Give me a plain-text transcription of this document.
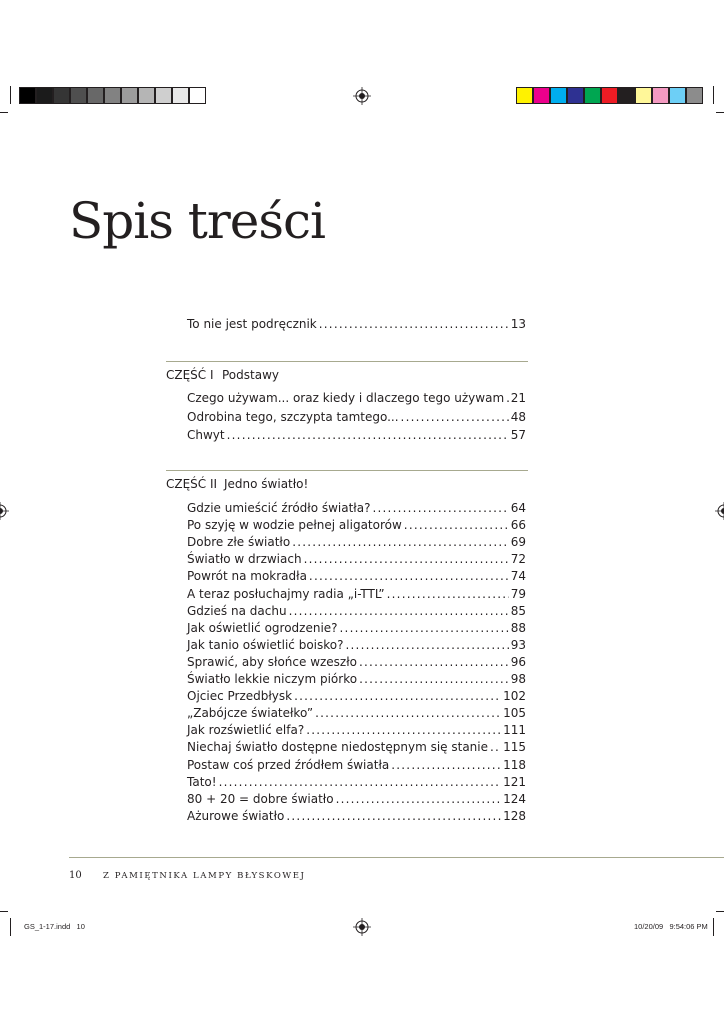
Spis treści
To nie jest podręcznik . . .	13
CZĘŚĆ I Podstawy
Czego używam... oraz kiedy i dlaczego tego używam . . . 21
Odrobina tego, szczypta tamtego... . . .	48
Chwyt . . .	57
CZĘŚĆ II Jedno światło!
Gdzie umieścić źródło światła? . . .	64
Po szyję w wodzie pełnej aligatorów . . .	66
Dobre złe światło . . .	69
Światło w drzwiach . . .	72
Powrót na mokradła . . .	74
A teraz posłuchajmy radia „i-TTL” . . .	79
Gdzieś na dachu . . .	85
Jak oświetlić ogrodzenie? . . .	88
Jak tanio oświetlić boisko? . . .	93
Sprawić, aby słońce wzeszło . . .	96
Światło lekkie niczym piórko . . .	98
Ojciec Przedbłysk . . .	102
„Zabójcze światełko” . . .	105
Jak rozświetlić elfa? . . .	111
Niechaj światło dostępne niedostępnym się stanie . . . 115
Postaw coś przed źródłem światła . . .	118
Tato! . . .	121
80 + 20 = dobre światło . . .	124
Ażurowe światło . . .	128
10	Z PAMIĘTNIKA LAMPY BŁYSKOWEJ
GS_1-17.indd   10	10/20/09   9:54:06 PM
